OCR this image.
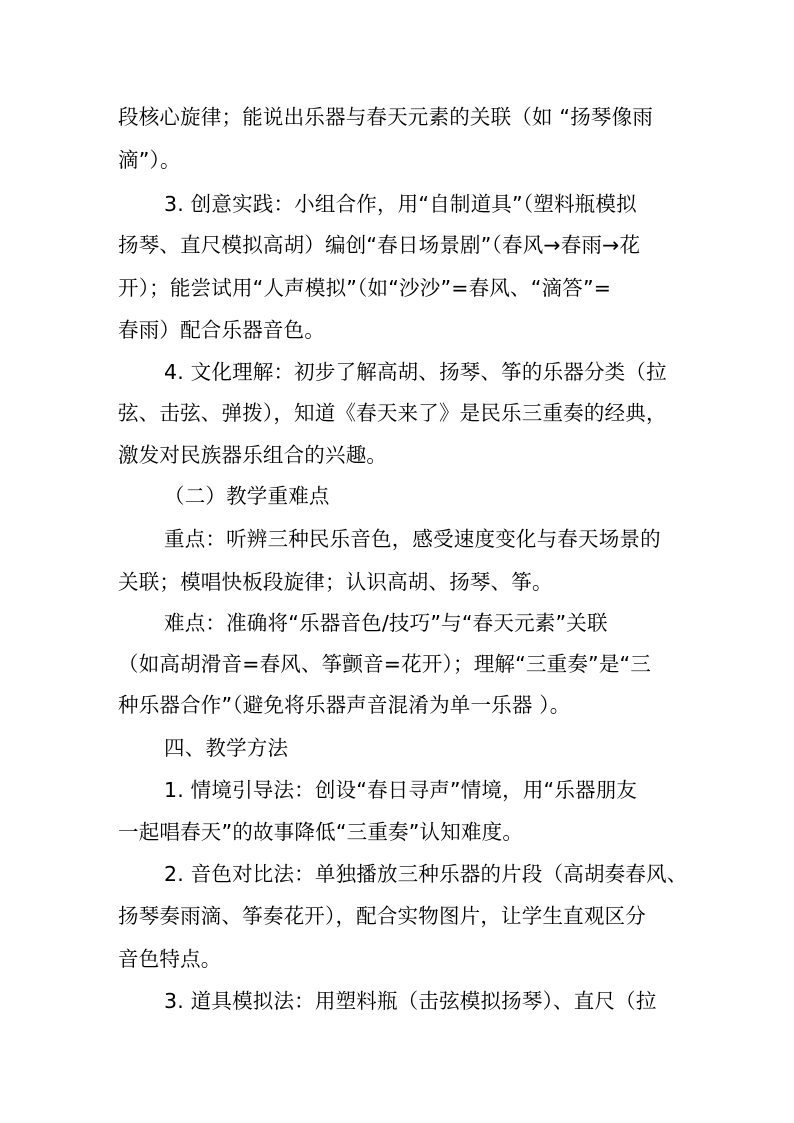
段核心旋律；能说出乐器与春天元素的关联（如 “扬琴像雨
滴”）。
3. 创意实践：小组合作，用“自制道具”（塑料瓶模拟
扬琴、直尺模拟高胡）编创“春日场景剧”（春风→春雨→花
开）；能尝试用“人声模拟”（如“沙沙”=春风、“滴答”=
春雨）配合乐器音色。
4. 文化理解：初步了解高胡、扬琴、筝的乐器分类（拉
弦、击弦、弹拨），知道《春天来了》是民乐三重奏的经典，
激发对民族器乐组合的兴趣。
（二）教学重难点
重点：听辨三种民乐音色，感受速度变化与春天场景的
关联；模唱快板段旋律；认识高胡、扬琴、筝。
难点：准确将“乐器音色/技巧”与“春天元素”关联
（如高胡滑音=春风、筝颤音=花开）；理解“三重奏”是“三
种乐器合作”（避免将乐器声音混淆为单一乐器 ）。
四、教学方法
1. 情境引导法：创设“春日寻声”情境，用“乐器朋友
一起唱春天”的故事降低“三重奏”认知难度。
2. 音色对比法：单独播放三种乐器的片段（高胡奏春风、
扬琴奏雨滴、筝奏花开），配合实物图片，让学生直观区分
音色特点。
3. 道具模拟法：用塑料瓶（击弦模拟扬琴）、直尺（拉
